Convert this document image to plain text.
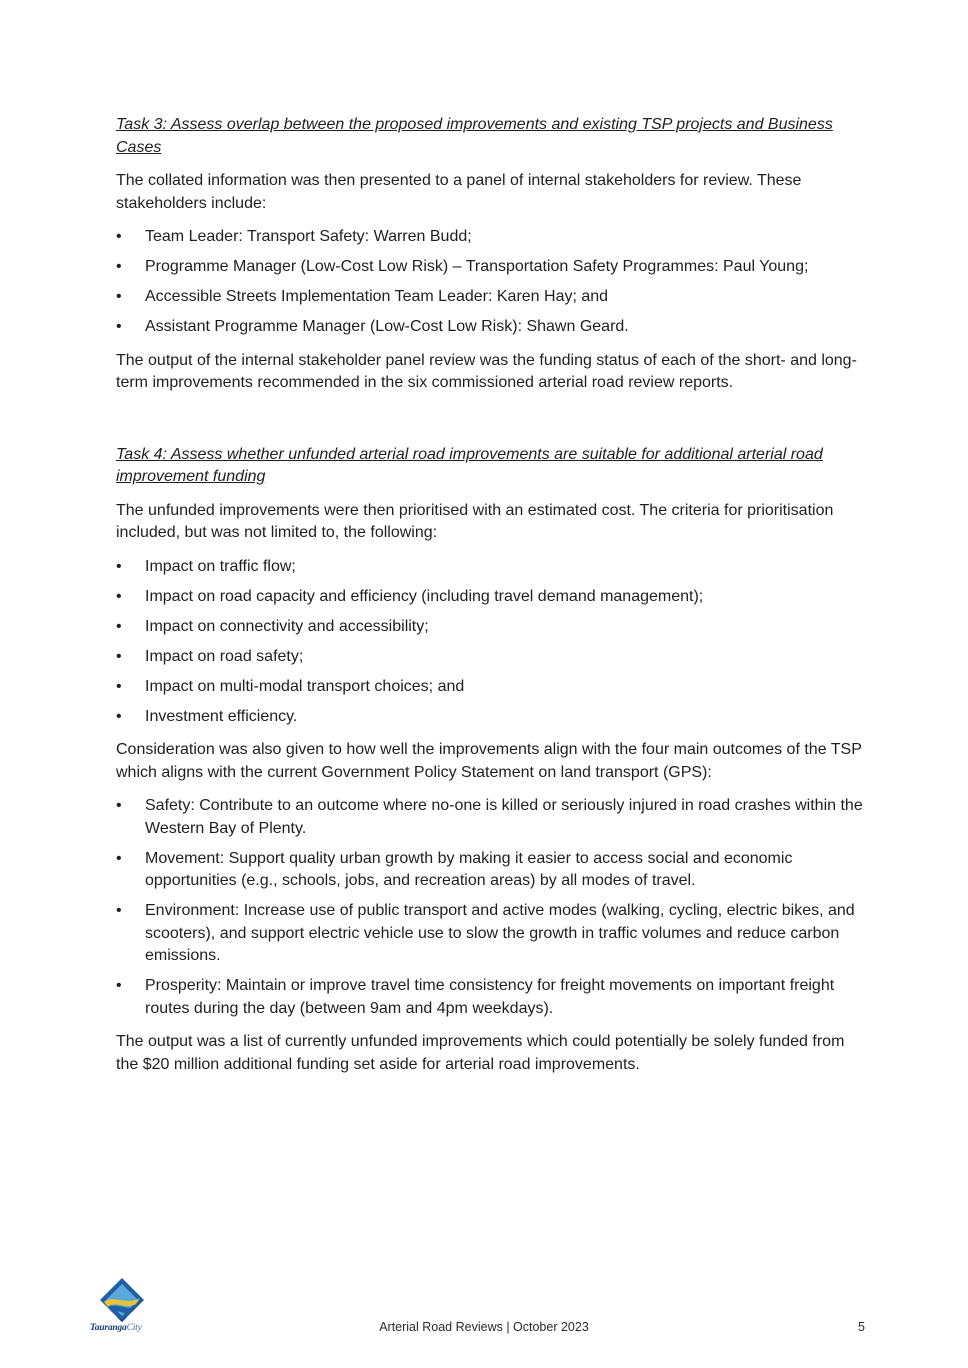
Task 3: Assess overlap between the proposed improvements and existing TSP projects and Business Cases

The collated information was then presented to a panel of internal stakeholders for review. These stakeholders include:

•	Team Leader: Transport Safety: Warren Budd;
•	Programme Manager (Low-Cost Low Risk) – Transportation Safety Programmes: Paul Young;
•	Accessible Streets Implementation Team Leader: Karen Hay; and
•	Assistant Programme Manager (Low-Cost Low Risk): Shawn Geard.

The output of the internal stakeholder panel review was the funding status of each of the short- and long-term improvements recommended in the six commissioned arterial road review reports.

Task 4: Assess whether unfunded arterial road improvements are suitable for additional arterial road improvement funding

The unfunded improvements were then prioritised with an estimated cost. The criteria for prioritisation included, but was not limited to, the following:

•	Impact on traffic flow;
•	Impact on road capacity and efficiency (including travel demand management);
•	Impact on connectivity and accessibility;
•	Impact on road safety;
•	Impact on multi-modal transport choices; and
•	Investment efficiency.

Consideration was also given to how well the improvements align with the four main outcomes of the TSP which aligns with the current Government Policy Statement on land transport (GPS):

•	Safety: Contribute to an outcome where no-one is killed or seriously injured in road crashes within the Western Bay of Plenty.
•	Movement: Support quality urban growth by making it easier to access social and economic opportunities (e.g., schools, jobs, and recreation areas) by all modes of travel.
•	Environment: Increase use of public transport and active modes (walking, cycling, electric bikes, and scooters), and support electric vehicle use to slow the growth in traffic volumes and reduce carbon emissions.
•	Prosperity: Maintain or improve travel time consistency for freight movements on important freight routes during the day (between 9am and 4pm weekdays).

The output was a list of currently unfunded improvements which could potentially be solely funded from the $20 million additional funding set aside for arterial road improvements.

TaurangaCity	Arterial Road Reviews | October 2023	5
